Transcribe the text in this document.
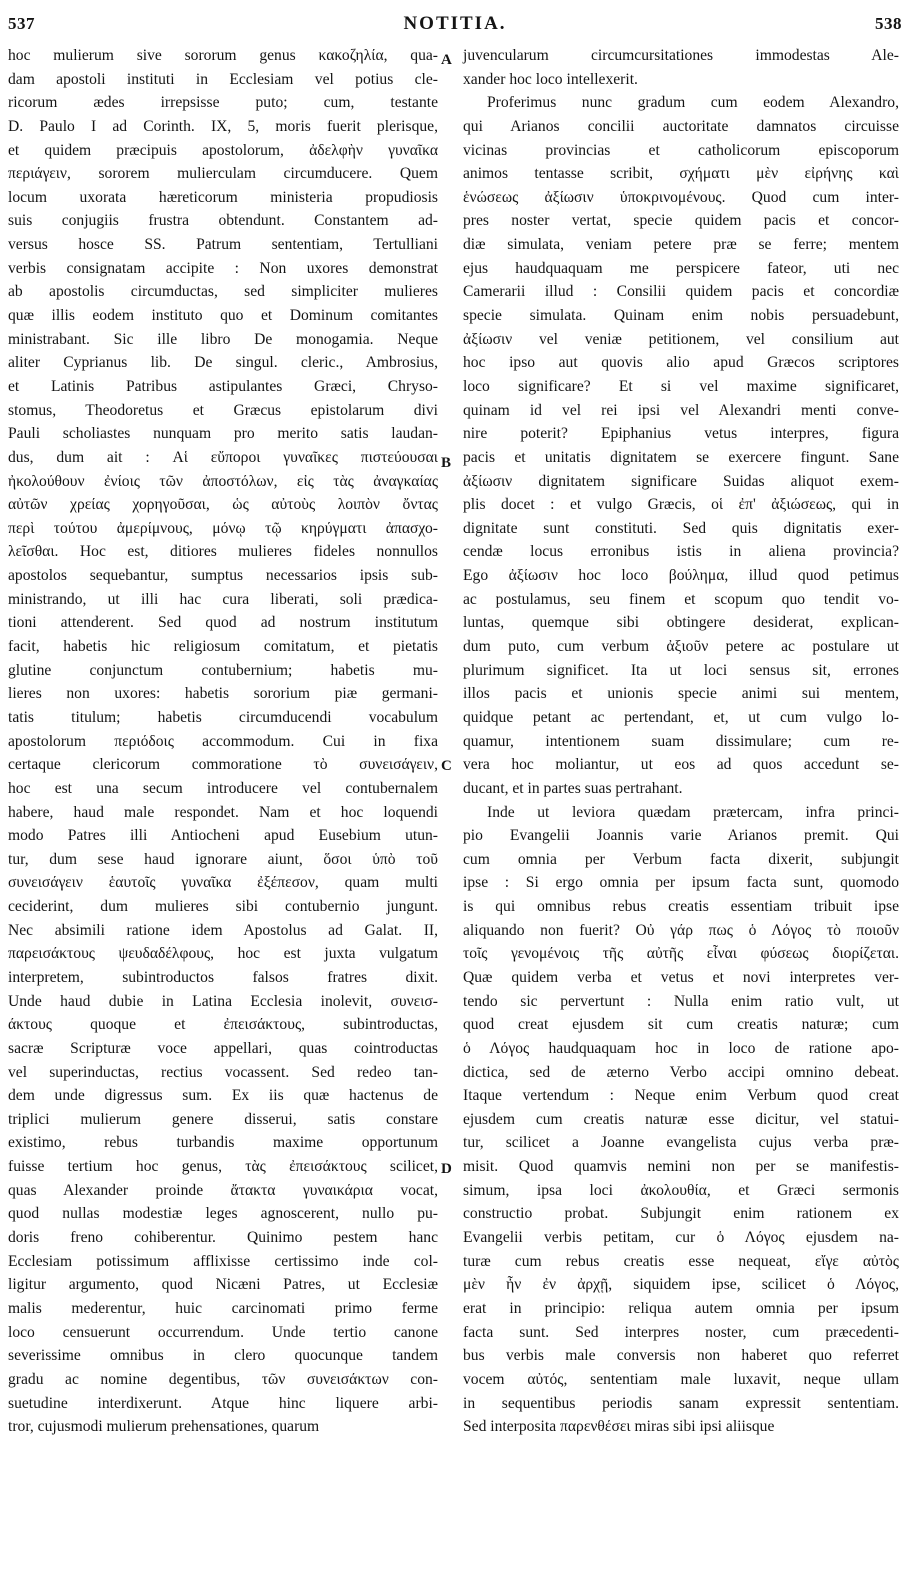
537	NOTITIA.	538
hoc mulierum sive sororum genus κακοζηλία, qua-
dam apostoli instituti in Ecclesiam vel potius cle-
ricorum ædes irrepsisse puto; cum, testante
D. Paulo I ad Corinth. IX, 5, moris fuerit plerisque,
et quidem præcipuis apostolorum, ἀδελφὴν γυναῖκα
περιάγειν, sororem mulierculam circumducere. Quem
locum uxorata hæreticorum ministeria propudiosis
suis conjugiis frustra obtendunt. Constantem ad-
versus hosce SS. Patrum sententiam, Tertulliani
verbis consignatam accipite : Non uxores demonstrat
ab apostolis circumductas, sed simpliciter mulieres
quæ illis eodem instituto quo et Dominum comitantes
ministrabant. Sic ille libro De monogamia. Neque
aliter Cyprianus lib. De singul. cleric., Ambrosius,
et Latinis Patribus astipulantes Græci, Chryso-
stomus, Theodoretus et Græcus epistolarum divi
Pauli scholiastes nunquam pro merito satis laudan-
dus, dum ait : Αἱ εὔποροι γυναῖκες πιστεύουσαι
ἠκολούθουν ἐνίοις τῶν ἀποστόλων, εἰς τὰς ἀναγκαίας
αὐτῶν χρείας χορηγοῦσαι, ὡς αὐτοὺς λοιπὸν ὄντας
περὶ τούτου ἀμερίμνους, μόνῳ τῷ κηρύγματι ἀπασχο-
λεῖσθαι. Hoc est, ditiores mulieres fideles nonnullos
apostolos sequebantur, sumptus necessarios ipsis sub-
ministrando, ut illi hac cura liberati, soli prædica-
tioni attenderent. Sed quod ad nostrum institutum
facit, habetis hic religiosum comitatum, et pietatis
glutine conjunctum contubernium; habetis mu-
lieres non uxores: habetis sororium piæ germani-
tatis titulum; habetis circumducendi vocabulum
apostolorum περιόδοις accommodum. Cui in fixa
certaque clericorum commoratione τὸ συνεισάγειν,
hoc est una secum introducere vel contubernalem
habere, haud male respondet. Nam et hoc loquendi
modo Patres illi Antiocheni apud Eusebium utun-
tur, dum sese haud ignorare aiunt, ὅσοι ὑπὸ τοῦ
συνεισάγειν ἑαυτοῖς γυναῖκα ἐξέπεσον, quam multi
ceciderint, dum mulieres sibi contubernio jungunt.
Nec absimili ratione idem Apostolus ad Galat. II,
παρεισάκτους ψευδαδέλφους, hoc est juxta vulgatum
interpretem, subintroductos falsos fratres dixit.
Unde haud dubie in Latina Ecclesia inolevit, συνεισ-
άκτους quoque et ἐπεισάκτους, subintroductas,
sacræ Scripturæ voce appellari, quas cointroductas
vel superinductas, rectius vocassent. Sed redeo tan-
dem unde digressus sum. Ex iis quæ hactenus de
triplici mulierum genere disserui, satis constare
existimo, rebus turbandis maxime opportunum
fuisse tertium hoc genus, τὰς ἐπεισάκτους scilicet,
quas Alexander proinde ἄτακτα γυναικάρια vocat,
quod nullas modestiæ leges agnoscerent, nullo pu-
doris freno cohiberentur. Quinimo pestem hanc
Ecclesiam potissimum afflixisse certissimo inde col-
ligitur argumento, quod Nicæni Patres, ut Ecclesiæ
malis mederentur, huic carcinomati primo ferme
loco censuerunt occurrendum. Unde tertio canone
severissime omnibus in clero quocunque tandem
gradu ac nomine degentibus, τῶν συνεισάκτων con-
suetudine interdixerunt. Atque hinc liquere arbi-
tror, cujusmodi mulierum prehensationes, quarum
A
B
C
D
juvencularum circumcursitationes immodestas Ale-
xander hoc loco intellexerit.
Proferimus nunc gradum cum eodem Alexandro,
qui Arianos concilii auctoritate damnatos circuisse
vicinas provincias et catholicorum episcoporum
animos tentasse scribit, σχήματι μὲν εἰρήνης καὶ
ἑνώσεως ἀξίωσιν ὑποκρινομένους. Quod cum inter-
pres noster vertat, specie quidem pacis et concor-
diæ simulata, veniam petere præ se ferre; mentem
ejus haudquaquam me perspicere fateor, uti nec
Camerarii illud : Consilii quidem pacis et concordiæ
specie simulata. Quinam enim nobis persuadebunt,
ἀξίωσιν vel veniæ petitionem, vel consilium aut
hoc ipso aut quovis alio apud Græcos scriptores
loco significare? Et si vel maxime significaret,
quinam id vel rei ipsi vel Alexandri menti conve-
nire poterit? Epiphanius vetus interpres, figura
pacis et unitatis dignitatem se exercere fingunt. Sane
ἀξίωσιν dignitatem significare Suidas aliquot exem-
plis docet : et vulgo Græcis, οἱ ἐπ' ἀξιώσεως, qui in
dignitate sunt constituti. Sed quis dignitatis exer-
cendæ locus erronibus istis in aliena provincia?
Ego ἀξίωσιν hoc loco βούλημα, illud quod petimus
ac postulamus, seu finem et scopum quo tendit vo-
luntas, quemque sibi obtingere desiderat, explican-
dum puto, cum verbum ἀξιοῦν petere ac postulare ut
plurimum significet. Ita ut loci sensus sit, errones
illos pacis et unionis specie animi sui mentem,
quidque petant ac pertendant, et, ut cum vulgo lo-
quamur, intentionem suam dissimulare; cum re-
vera hoc moliantur, ut eos ad quos accedunt se-
ducant, et in partes suas pertrahant.
Inde ut leviora quædam prætercam, infra princi-
pio Evangelii Joannis varie Arianos premit. Qui
cum omnia per Verbum facta dixerit, subjungit
ipse : Si ergo omnia per ipsum facta sunt, quomodo
is qui omnibus rebus creatis essentiam tribuit ipse
aliquando non fuerit? Οὐ γάρ πως ὁ Λόγος τὸ ποιοῦν
τοῖς γενομένοις τῆς αὐτῆς εἶναι φύσεως διορίζεται.
Quæ quidem verba et vetus et novi interpretes ver-
tendo sic pervertunt : Nulla enim ratio vult, ut
quod creat ejusdem sit cum creatis naturæ; cum
ὁ Λόγος haudquaquam hoc in loco de ratione apo-
dictica, sed de æterno Verbo accipi omnino debeat.
Itaque vertendum : Neque enim Verbum quod creat
ejusdem cum creatis naturæ esse dicitur, vel statui-
tur, scilicet a Joanne evangelista cujus verba præ-
misit. Quod quamvis nemini non per se manifestis-
simum, ipsa loci ἀκολουθία, et Græci sermonis
constructio probat. Subjungit enim rationem ex
Evangelii verbis petitam, cur ὁ Λόγος ejusdem na-
turæ cum rebus creatis esse nequeat, εἴγε αὐτὸς
μὲν ἦν ἐν ἀρχῇ, siquidem ipse, scilicet ὁ Λόγος,
erat in principio: reliqua autem omnia per ipsum
facta sunt. Sed interpres noster, cum præcedenti-
bus verbis male conversis non haberet quo referret
vocem αὐτός, sententiam male luxavit, neque ullam
in sequentibus periodis sanam expressit sententiam.
Sed interposita παρενθέσει miras sibi ipsi aliisque
